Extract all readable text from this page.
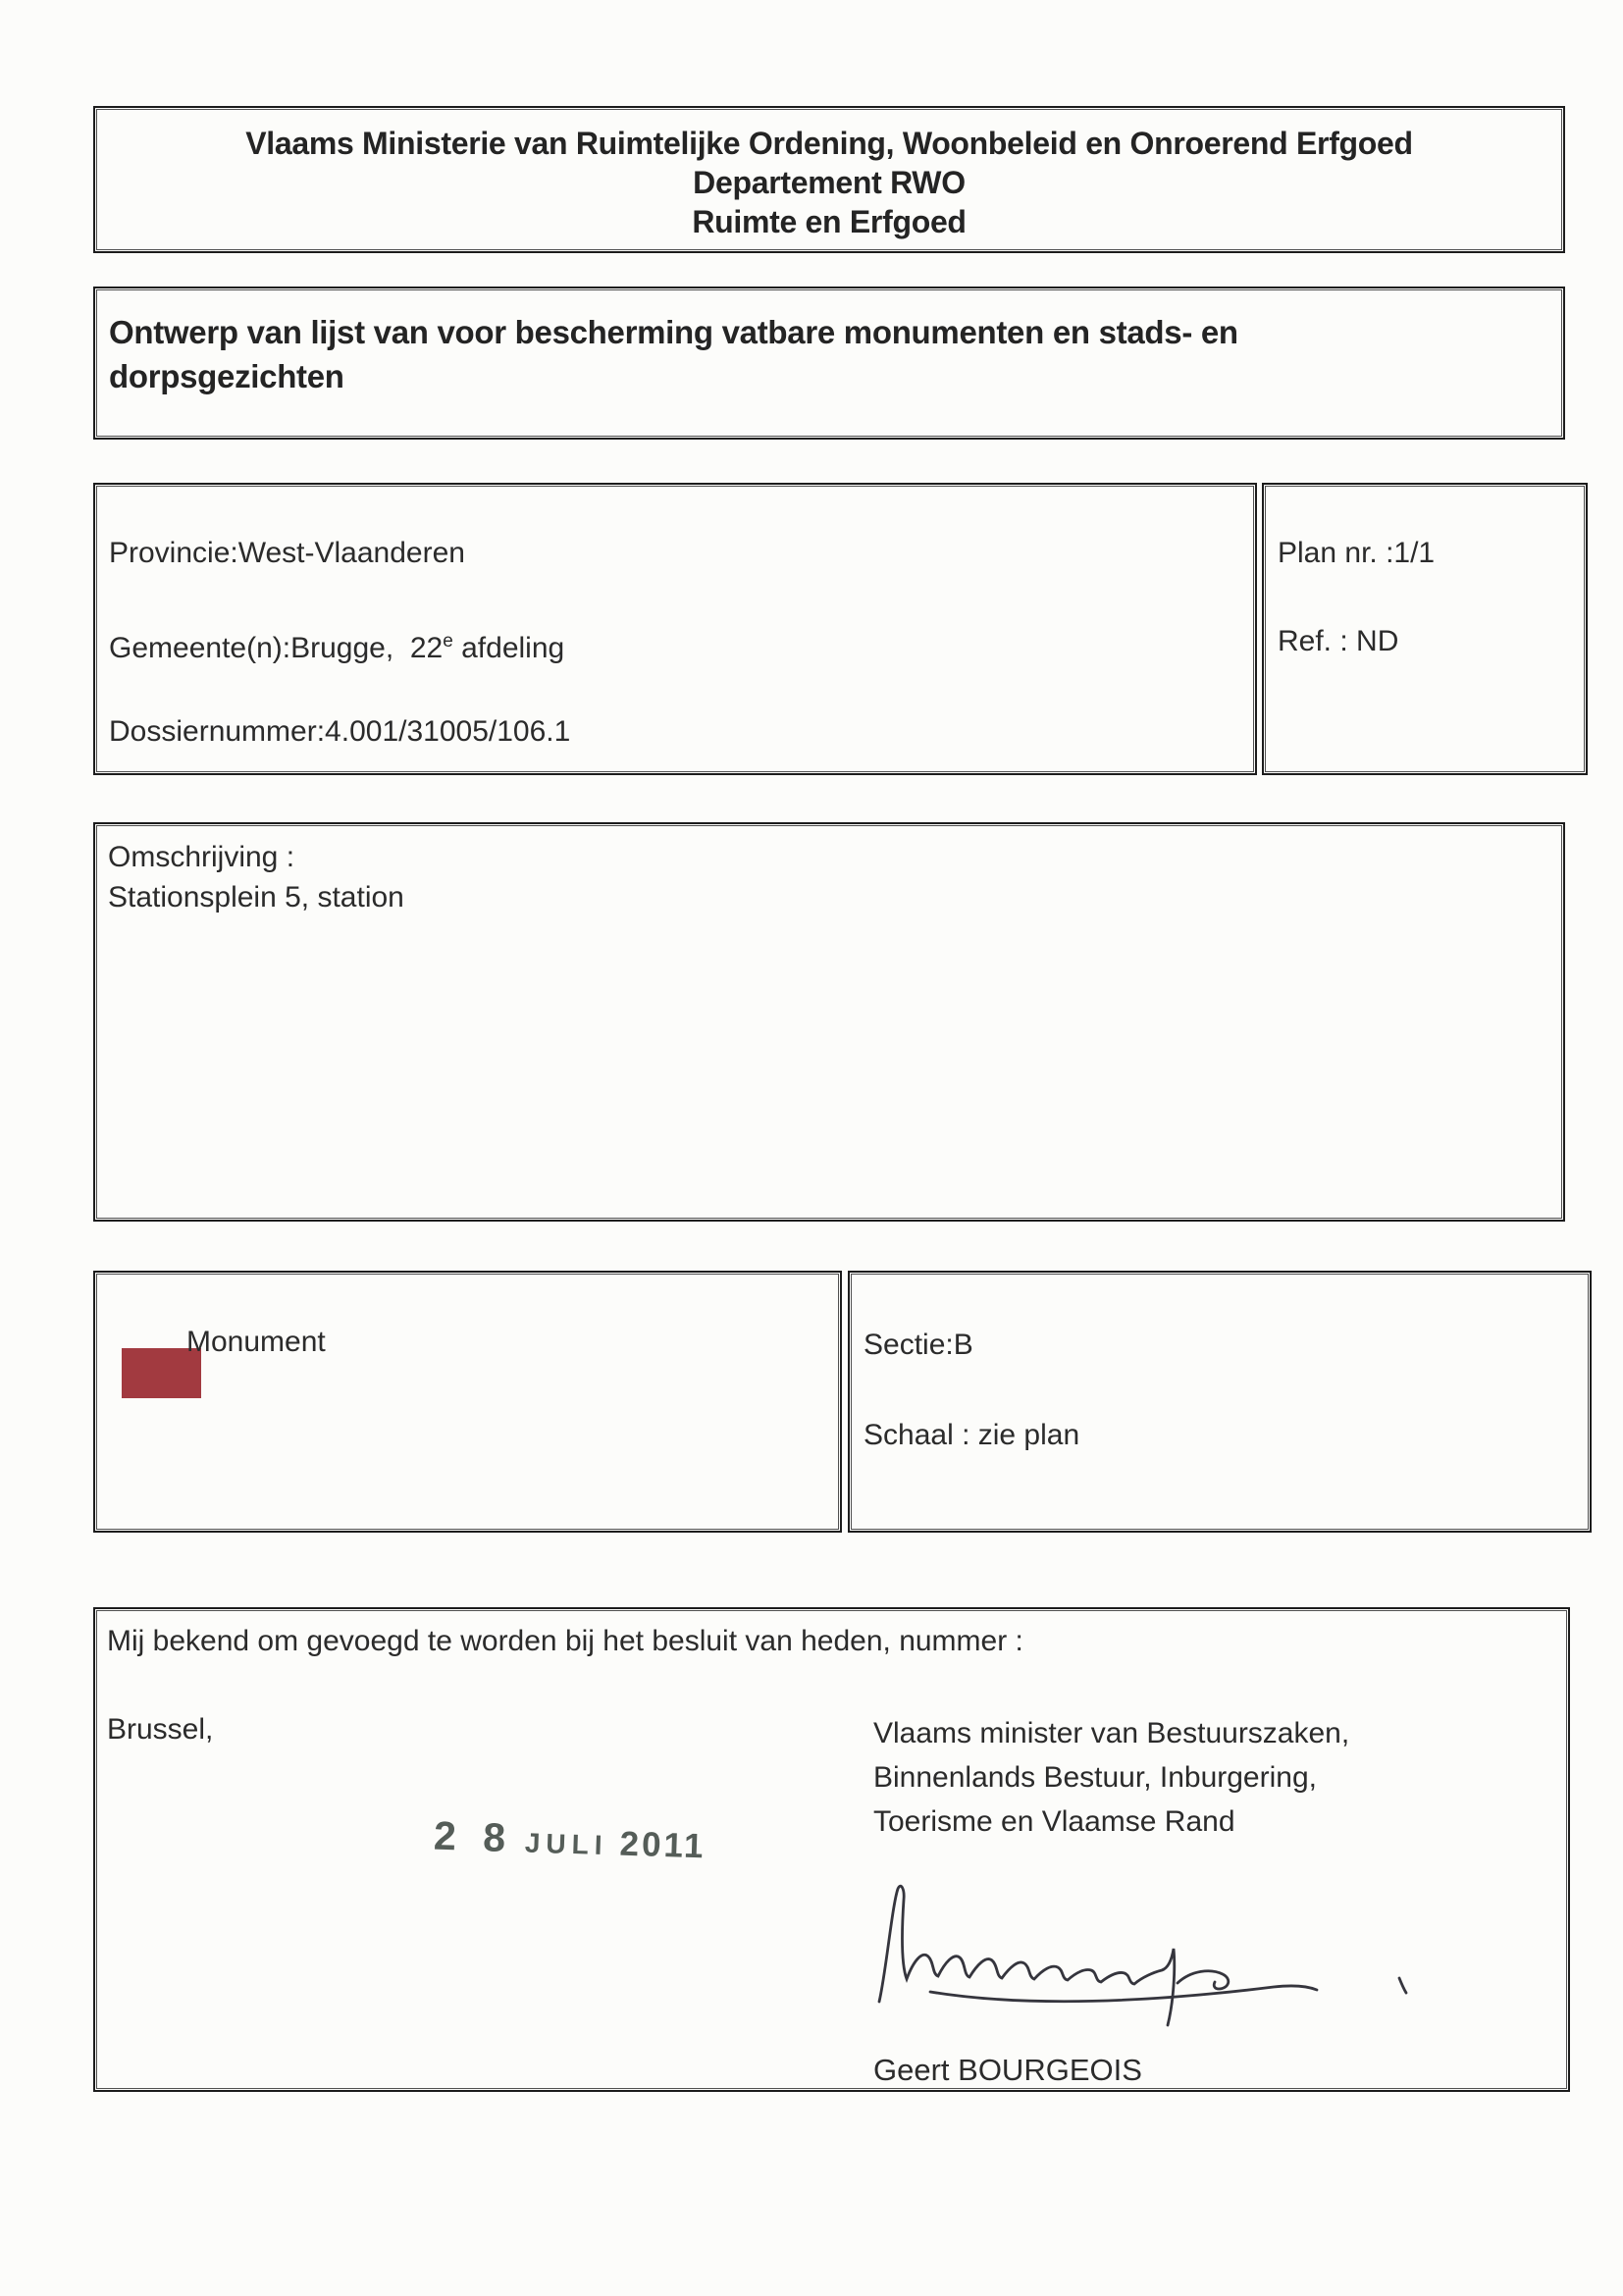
Vlaams Ministerie van Ruimtelijke Ordening, Woonbeleid en Onroerend Erfgoed
Departement RWO
Ruimte en Erfgoed
Ontwerp van lijst van voor bescherming vatbare monumenten en stads- en
dorpsgezichten
Provincie:West-Vlaanderen
Gemeente(n):Brugge,  22e afdeling
Dossiernummer:4.001/31005/106.1
Plan nr. :1/1
Ref. : ND
Omschrijving :
Stationsplein 5, station
Monument	Sectie:B
Schaal : zie plan
Mij bekend om gevoegd te worden bij het besluit van heden, nummer :
Brussel,	Vlaams minister van Bestuurszaken,
Binnenlands Bestuur, Inburgering,
Toerisme en Vlaamse Rand
2 8 JULI 2011
Geert BOURGEOIS
